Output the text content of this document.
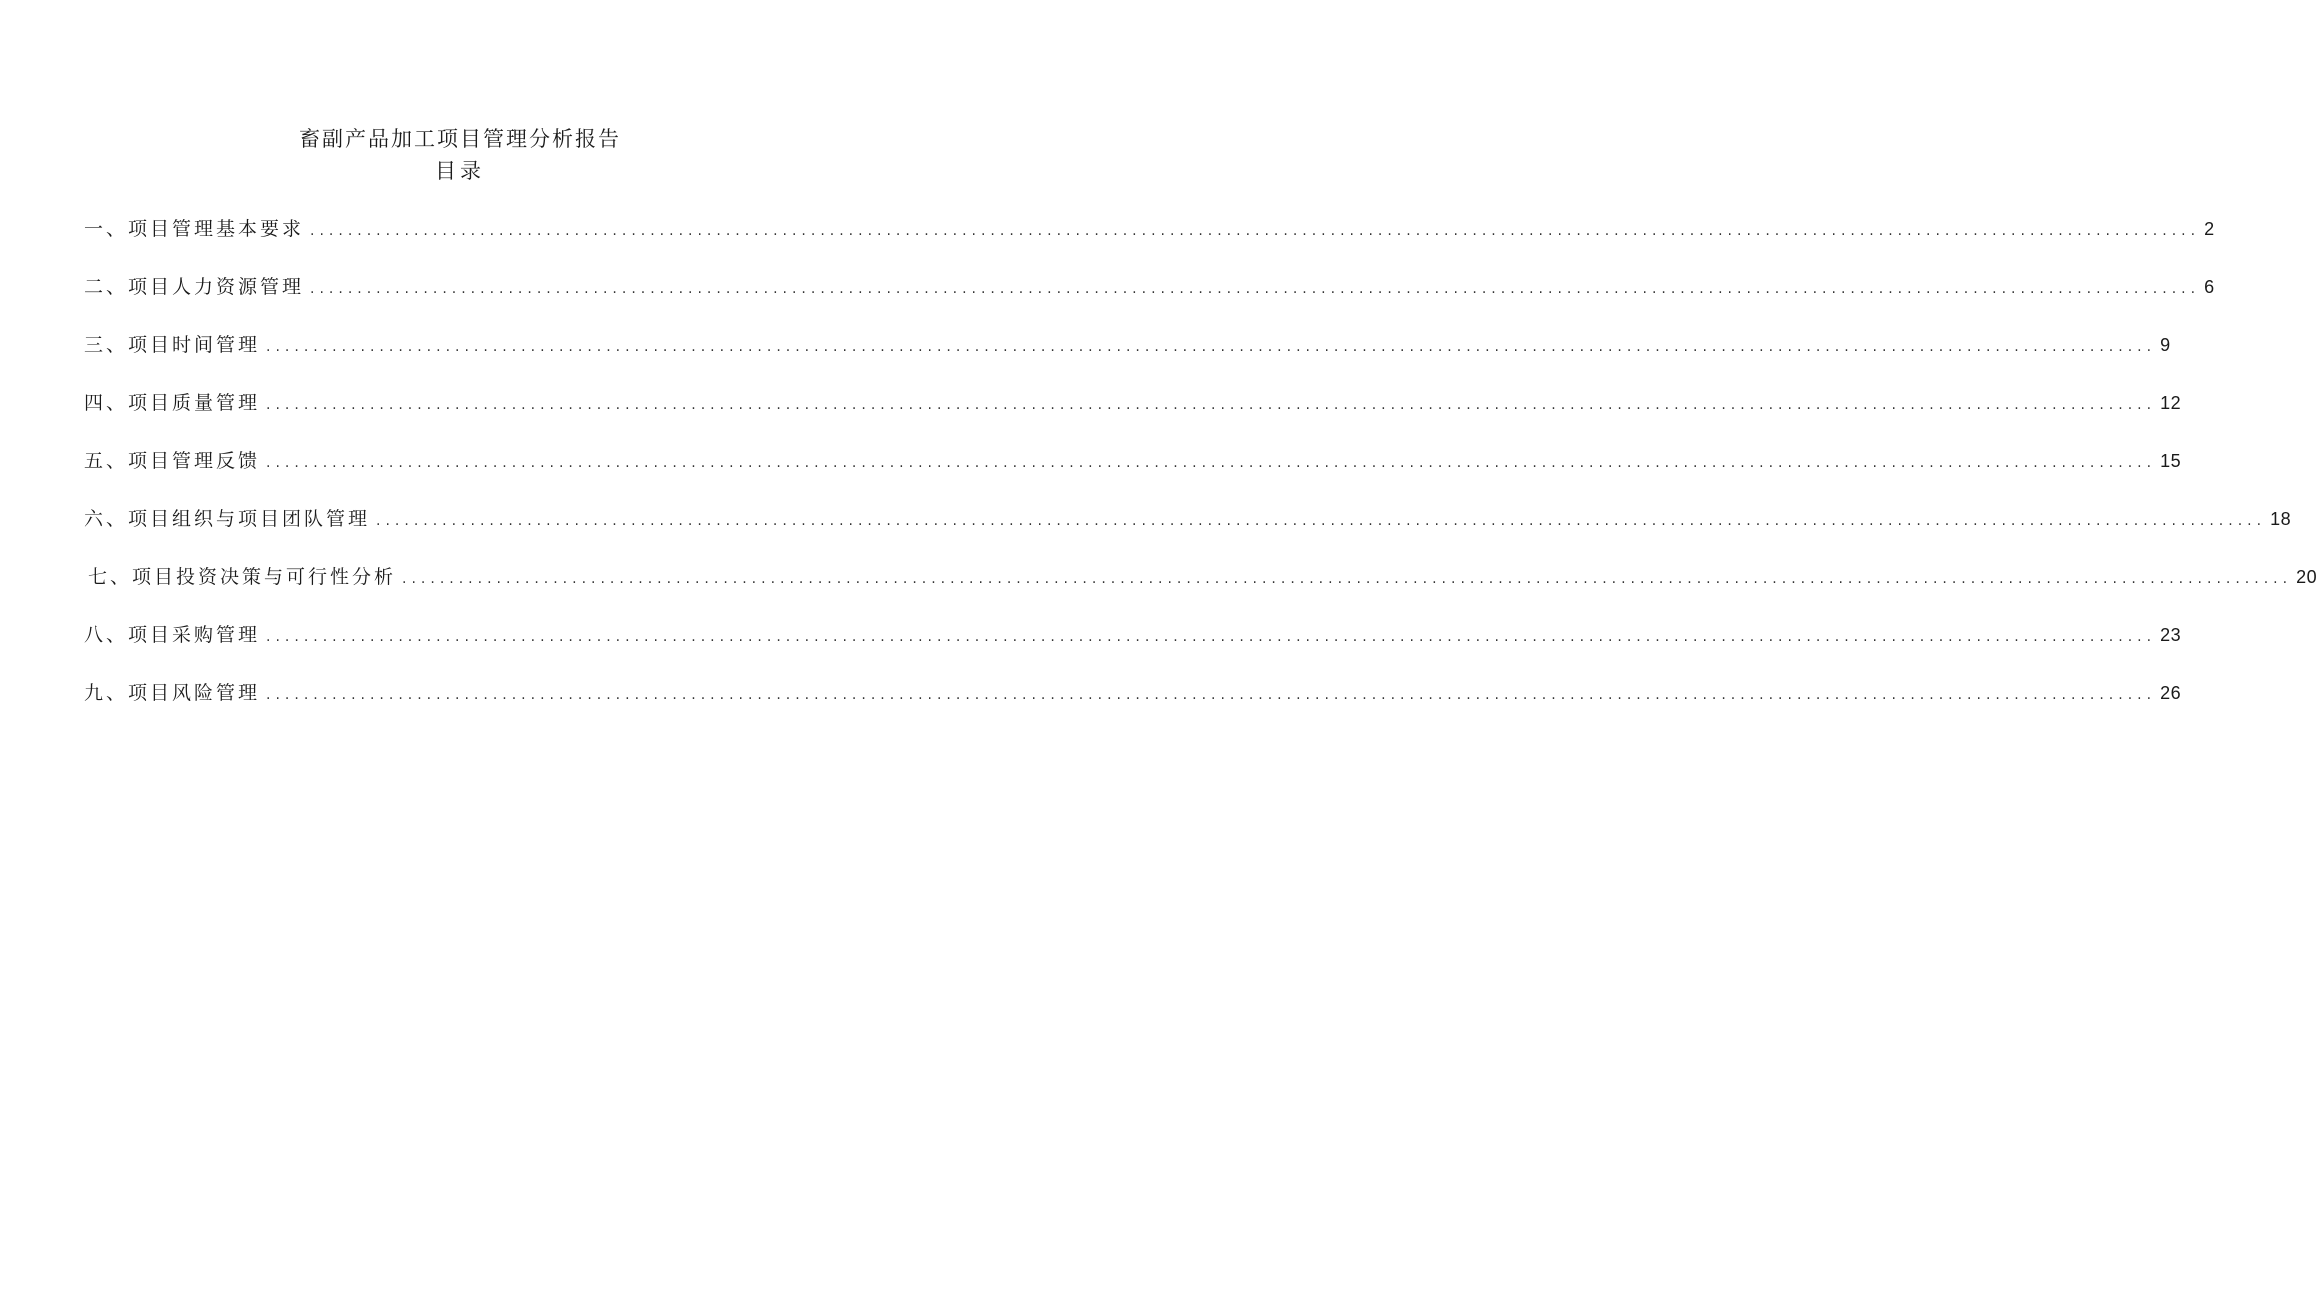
畜副产品加工项目管理分析报告
目录
一、项目管理基本要求 ........................................................................................................................................................................................................ 2
二、项目人力资源管理 ........................................................................................................................................................................................................ 6
三、项目时间管理 ........................................................................................................................................................................................................ 9
四、项目质量管理 ........................................................................................................................................................................................................ 12
五、项目管理反馈 ........................................................................................................................................................................................................ 15
六、项目组织与项目团队管理 ........................................................................................................................................................................................................ 18
七、项目投资决策与可行性分析 ........................................................................................................................................................................................................ 20
八、项目采购管理 ........................................................................................................................................................................................................ 23
九、项目风险管理 ........................................................................................................................................................................................................ 26
